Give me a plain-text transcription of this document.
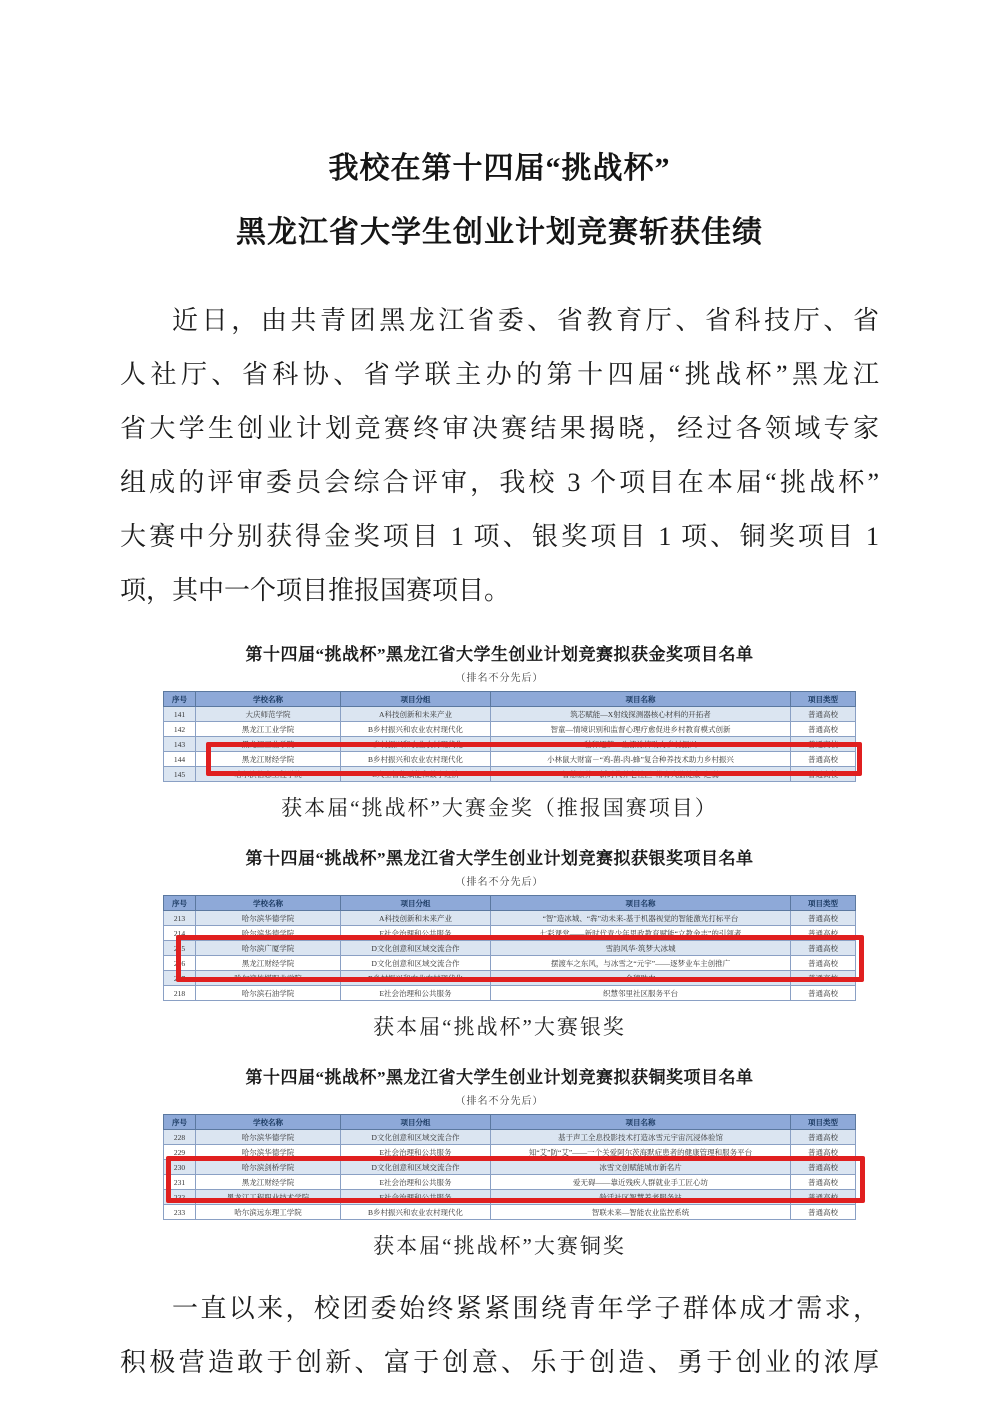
我校在第十四届“挑战杯”
黑龙江省大学生创业计划竞赛斩获佳绩
近日，由共青团黑龙江省委、省教育厅、省科技厅、省
人社厅、省科协、省学联主办的第十四届“挑战杯”黑龙江
省大学生创业计划竞赛终审决赛结果揭晓，经过各领域专家
组成的评审委员会综合评审，我校 3 个项目在本届“挑战杯”
大赛中分别获得金奖项目 1 项、银奖项目 1 项、铜奖项目 1
项，其中一个项目推报国赛项目。
第十四届“挑战杯”黑龙江省大学生创业计划竞赛拟获金奖项目名单
（排名不分先后）
序号	学校名称	项目分组	项目名称	项目类型
141	大庆师范学院	A科技创新和未来产业	筑芯赋能—X射线探测器核心材料的开拓者	普通高校
142	黑龙江工业学院	B乡村振兴和农业农村现代化	智童—情境识别和监督心理疗愈促进乡村教育模式创新	普通高校
143	黑龙江工业学院	B乡村振兴和农业农村现代化	秸秆逐梦—生漆涂饰助力乡村振兴	普通高校
144	黑龙江财经学院	B乡村振兴和农业农村现代化	小林鼠大财富－“鸡-菌-肉-蜂”复合种养技术助力乡村振兴	普通高校
145	哈尔滨信息工程学院	C人工智能赋能和数字经济	智慧颐养—新时代养老社区“常青大脑健康”之翼	普通高校
获本届“挑战杯”大赛金奖（推报国赛项目）
第十四届“挑战杯”黑龙江省大学生创业计划竞赛拟获银奖项目名单
（排名不分先后）
序号	学校名称	项目分组	项目名称	项目类型
213	哈尔滨华德学院	A科技创新和未来产业	“智”造冰城、“犇”动未来-基于机器视觉的智能激光打标平台	普通高校
214	哈尔滨华德学院	E社会治理和公共服务	七彩课堂——新时代青少年思政教育赋能“立教金志”的引领者	普通高校
215	哈尔滨广厦学院	D文化创意和区域交流合作	雪韵风华·筑梦大冰城	普通高校
216	黑龙江财经学院	D文化创意和区域交流合作	摆渡车之东风，与冰雪之“元宇”——逐梦业车主创推广	普通高校
217	哈尔滨传媒职业学院	B乡村振兴和农业农村现代化	金穗助农	普通高校
218	哈尔滨石油学院	E社会治理和公共服务	织慧邻里社区服务平台	普通高校
获本届“挑战杯”大赛银奖
第十四届“挑战杯”黑龙江省大学生创业计划竞赛拟获铜奖项目名单
（排名不分先后）
序号	学校名称	项目分组	项目名称	项目类型
228	哈尔滨华德学院	D文化创意和区域交流合作	基于声工全息投影技术打造冰雪元宇宙沉浸体验馆	普通高校
229	哈尔滨华德学院	E社会治理和公共服务	知“艾”防“艾”——一个关爱阿尔茨海默症患者的健康管理和服务平台	普通高校
230	哈尔滨剑桥学院	D文化创意和区域交流合作	冰雪文创赋能城市新名片	普通高校
231	黑龙江财经学院	E社会治理和公共服务	爱无碍——靠近残疾人群就业手工匠心坊	普通高校
232	黑龙江工程职业技术学院	E社会治理和公共服务	龄活社区智慧养老服务站	普通高校
233	哈尔滨远东理工学院	B乡村振兴和农业农村现代化	智联未来—智能农业监控系统	普通高校
获本届“挑战杯”大赛铜奖
一直以来，校团委始终紧紧围绕青年学子群体成才需求，
积极营造敢于创新、富于创意、乐于创造、勇于创业的浓厚
